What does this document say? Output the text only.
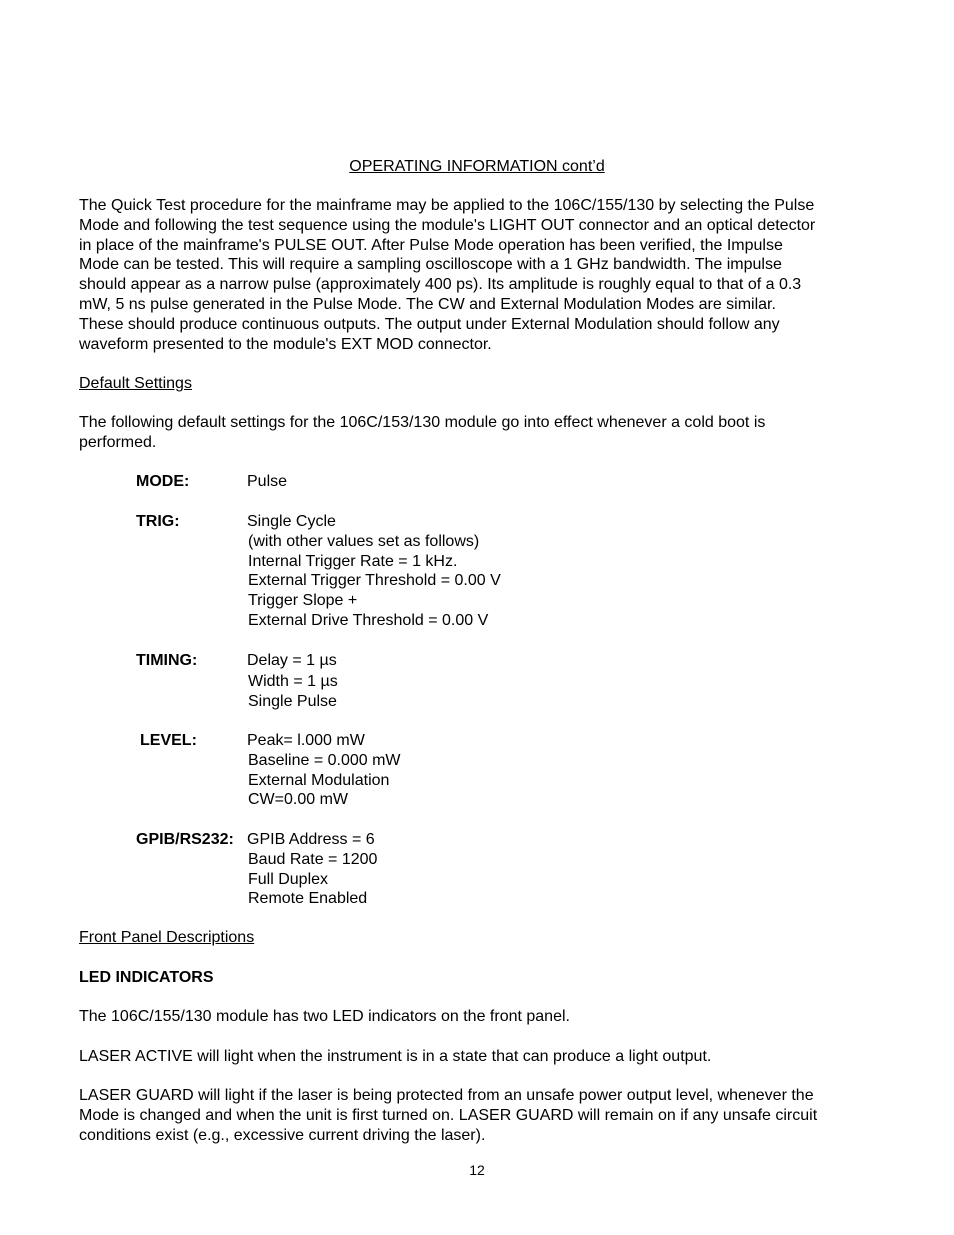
OPERATING INFORMATION cont’d
The Quick Test procedure for the mainframe may be applied to the 106C/155/130 by selecting the Pulse
Mode and following the test sequence using the module's LIGHT OUT connector and an optical detector
in place of the mainframe's PULSE OUT. After Pulse Mode operation has been verified, the Impulse
Mode can be tested. This will require a sampling oscilloscope with a 1 GHz bandwidth. The impulse
should appear as a narrow pulse (approximately 400 ps). Its amplitude is roughly equal to that of a 0.3
mW, 5 ns pulse generated in the Pulse Mode. The CW and External Modulation Modes are similar.
These should produce continuous outputs. The output under External Modulation should follow any
waveform presented to the module's EXT MOD connector.
Default Settings
The following default settings for the 106C/153/130 module go into effect whenever a cold boot is
performed.
MODE:	Pulse
TRIG:	Single Cycle
(with other values set as follows)
Internal Trigger Rate = 1 kHz.
External Trigger Threshold = 0.00 V
Trigger Slope +
External Drive Threshold = 0.00 V
TIMING:	Delay = 1 µs
Width = 1 µs
Single Pulse
LEVEL:	Peak= l.000 mW
Baseline = 0.000 mW
External Modulation
CW=0.00 mW
GPIB/RS232: GPIB Address = 6
Baud Rate = 1200
Full Duplex
Remote Enabled
Front Panel Descriptions
LED INDICATORS
The 106C/155/130 module has two LED indicators on the front panel.
LASER ACTIVE will light when the instrument is in a state that can produce a light output.
LASER GUARD will light if the laser is being protected from an unsafe power output level, whenever the
Mode is changed and when the unit is first turned on. LASER GUARD will remain on if any unsafe circuit
conditions exist (e.g., excessive current driving the laser).
12
